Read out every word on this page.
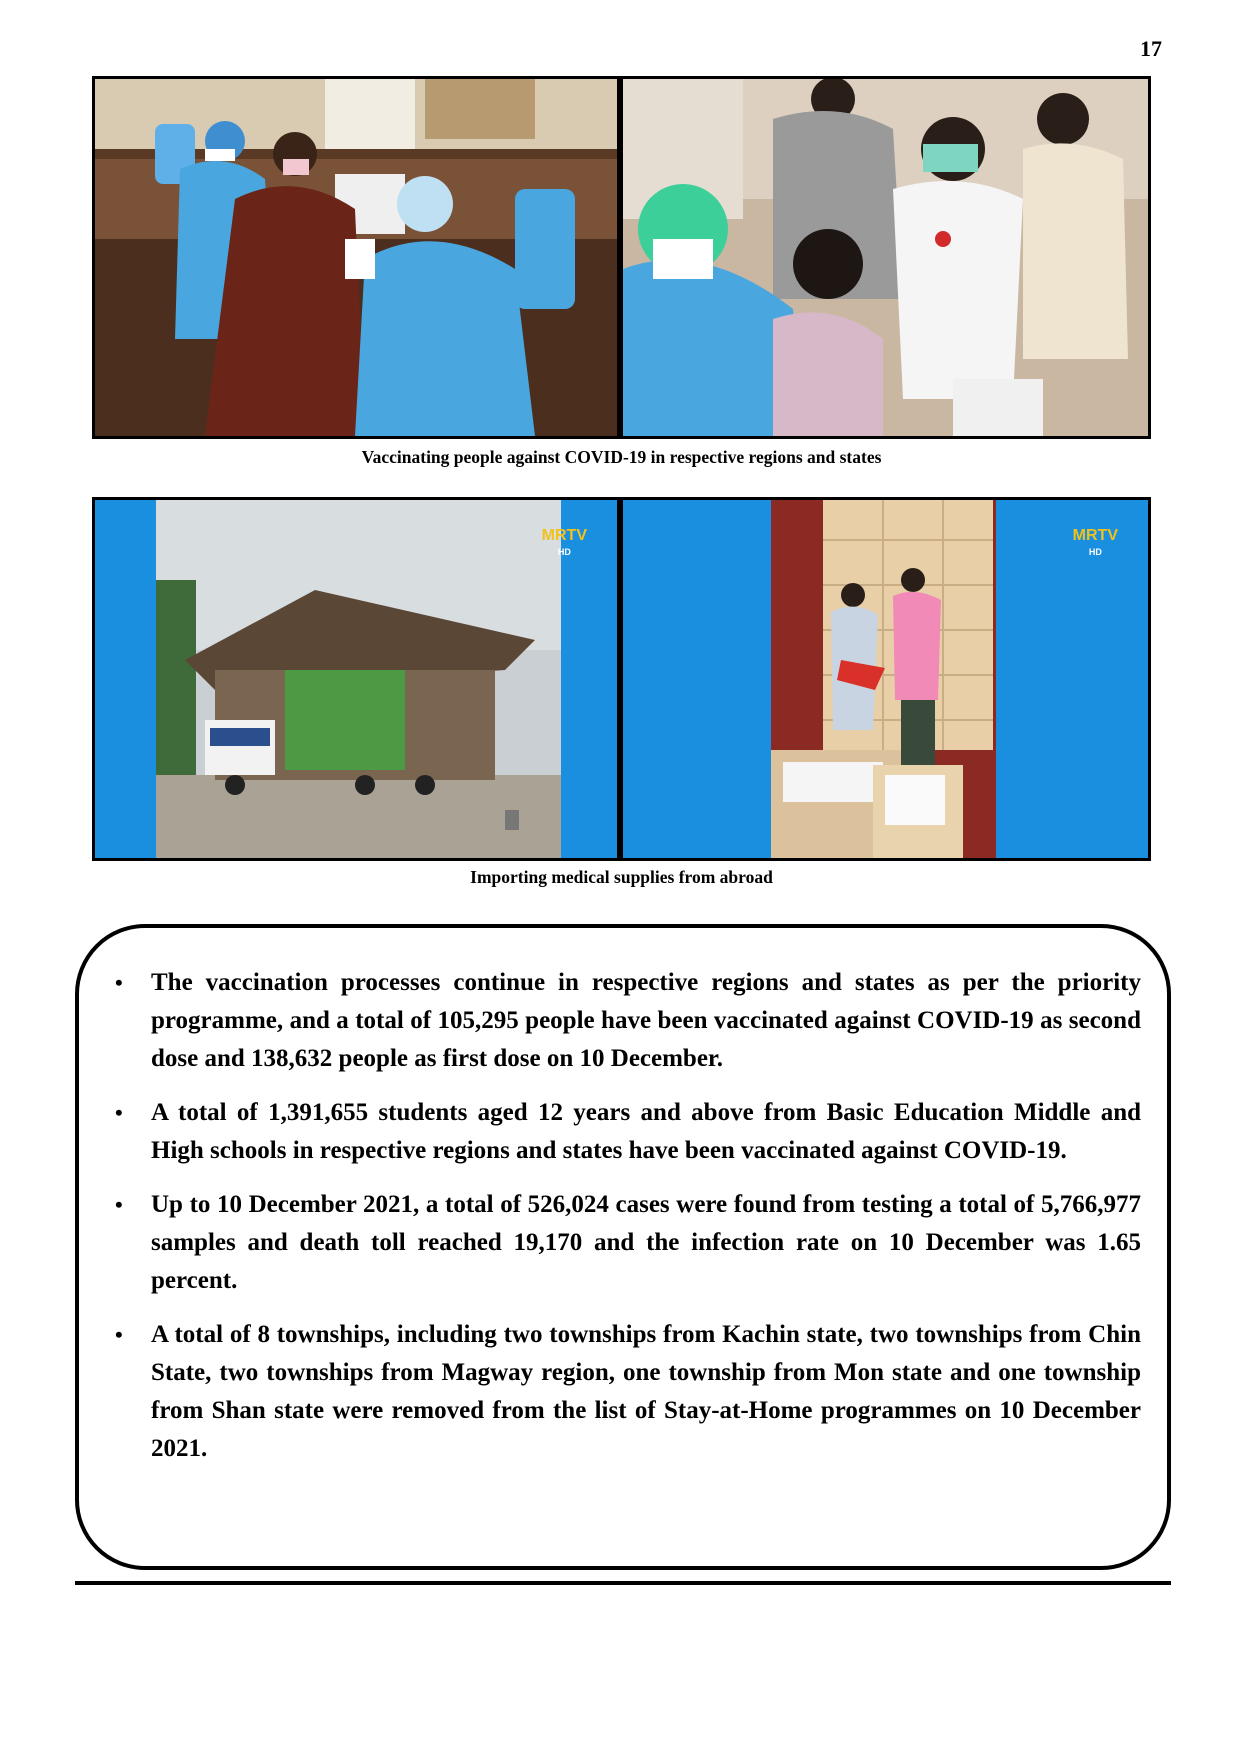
17
Vaccinating people against COVID-19 in respective regions and states
MRTV
HD
MRTV
HD
Importing medical supplies from abroad
• The vaccination processes continue in respective regions and states as per the priority programme, and a total of 105,295 people have been vaccinated against COVID-19 as second dose and 138,632 people as first dose on 10 December.
• A total of 1,391,655 students aged 12 years and above from Basic Education Middle and High schools in respective regions and states have been vaccinated against COVID-19.
• Up to 10 December 2021, a total of 526,024 cases were found from testing a total of 5,766,977 samples and death toll reached 19,170 and the infection rate on 10 December was 1.65 percent.
• A total of 8 townships, including two townships from Kachin state, two townships from Chin State, two townships from Magway region, one township from Mon state and one township from Shan state were removed from the list of Stay-at-Home programmes on 10 December 2021.
